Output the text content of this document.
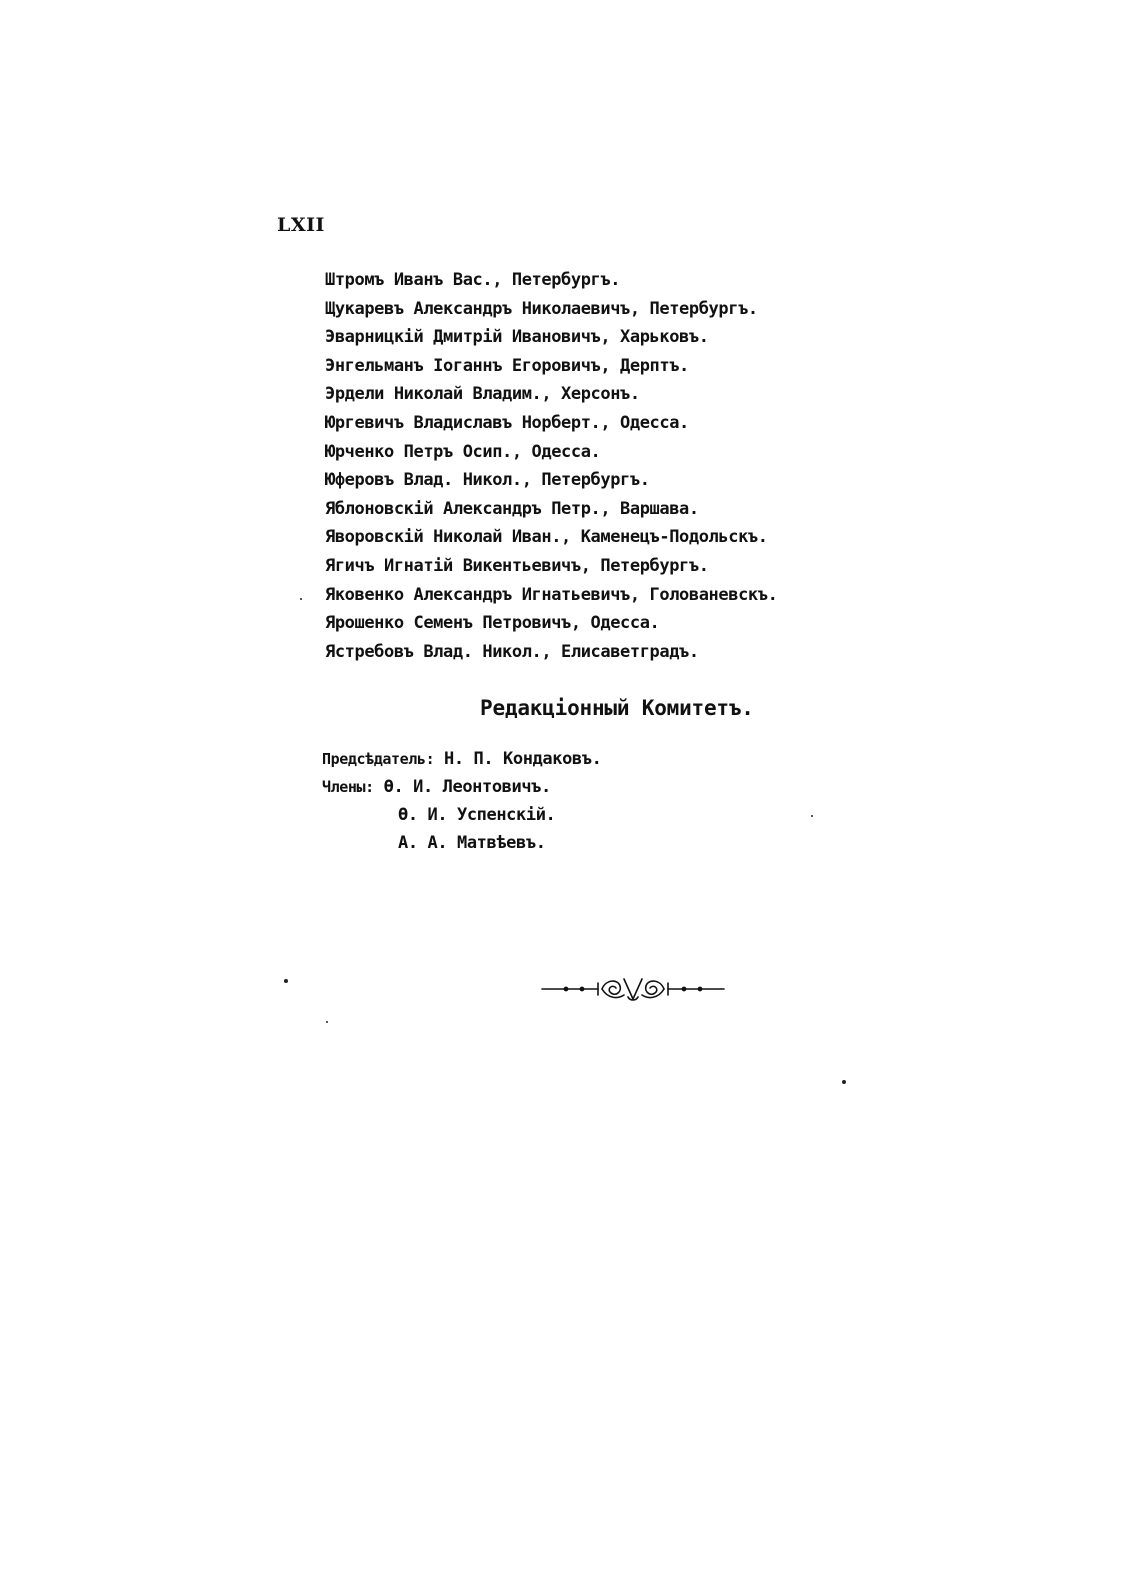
LXII
Штромъ Иванъ Вас., Петербургъ.
Щукаревъ Александръ Николаевичъ, Петербургъ.
Эварницкій Дмитрій Ивановичъ, Харьковъ.
Энгельманъ Іоганнъ Егоровичъ, Дерптъ.
Эрдели Николай Владим., Херсонъ.
Юргевичъ Владиславъ Норберт., Одесса.
Юрченко Петръ Осип., Одесса.
Юферовъ Влад. Никол., Петербургъ.
Яблоновскій Александръ Петр., Варшава.
Яворовскій Николай Иван., Каменецъ-Подольскъ.
Ягичъ Игнатій Викентьевичъ, Петербургъ.
Яковенко Александръ Игнатьевичъ, Голованевскъ.
Ярошенко Семенъ Петровичъ, Одесса.
Ястребовъ Влад. Никол., Елисаветградъ.
Редакціонный Комитетъ.
Предсѣдатель: Н. П. Кондаковъ.
Члены: Ѳ. И. Леонтовичъ.
Ѳ. И. Успенскій.
А. А. Матвѣевъ.
